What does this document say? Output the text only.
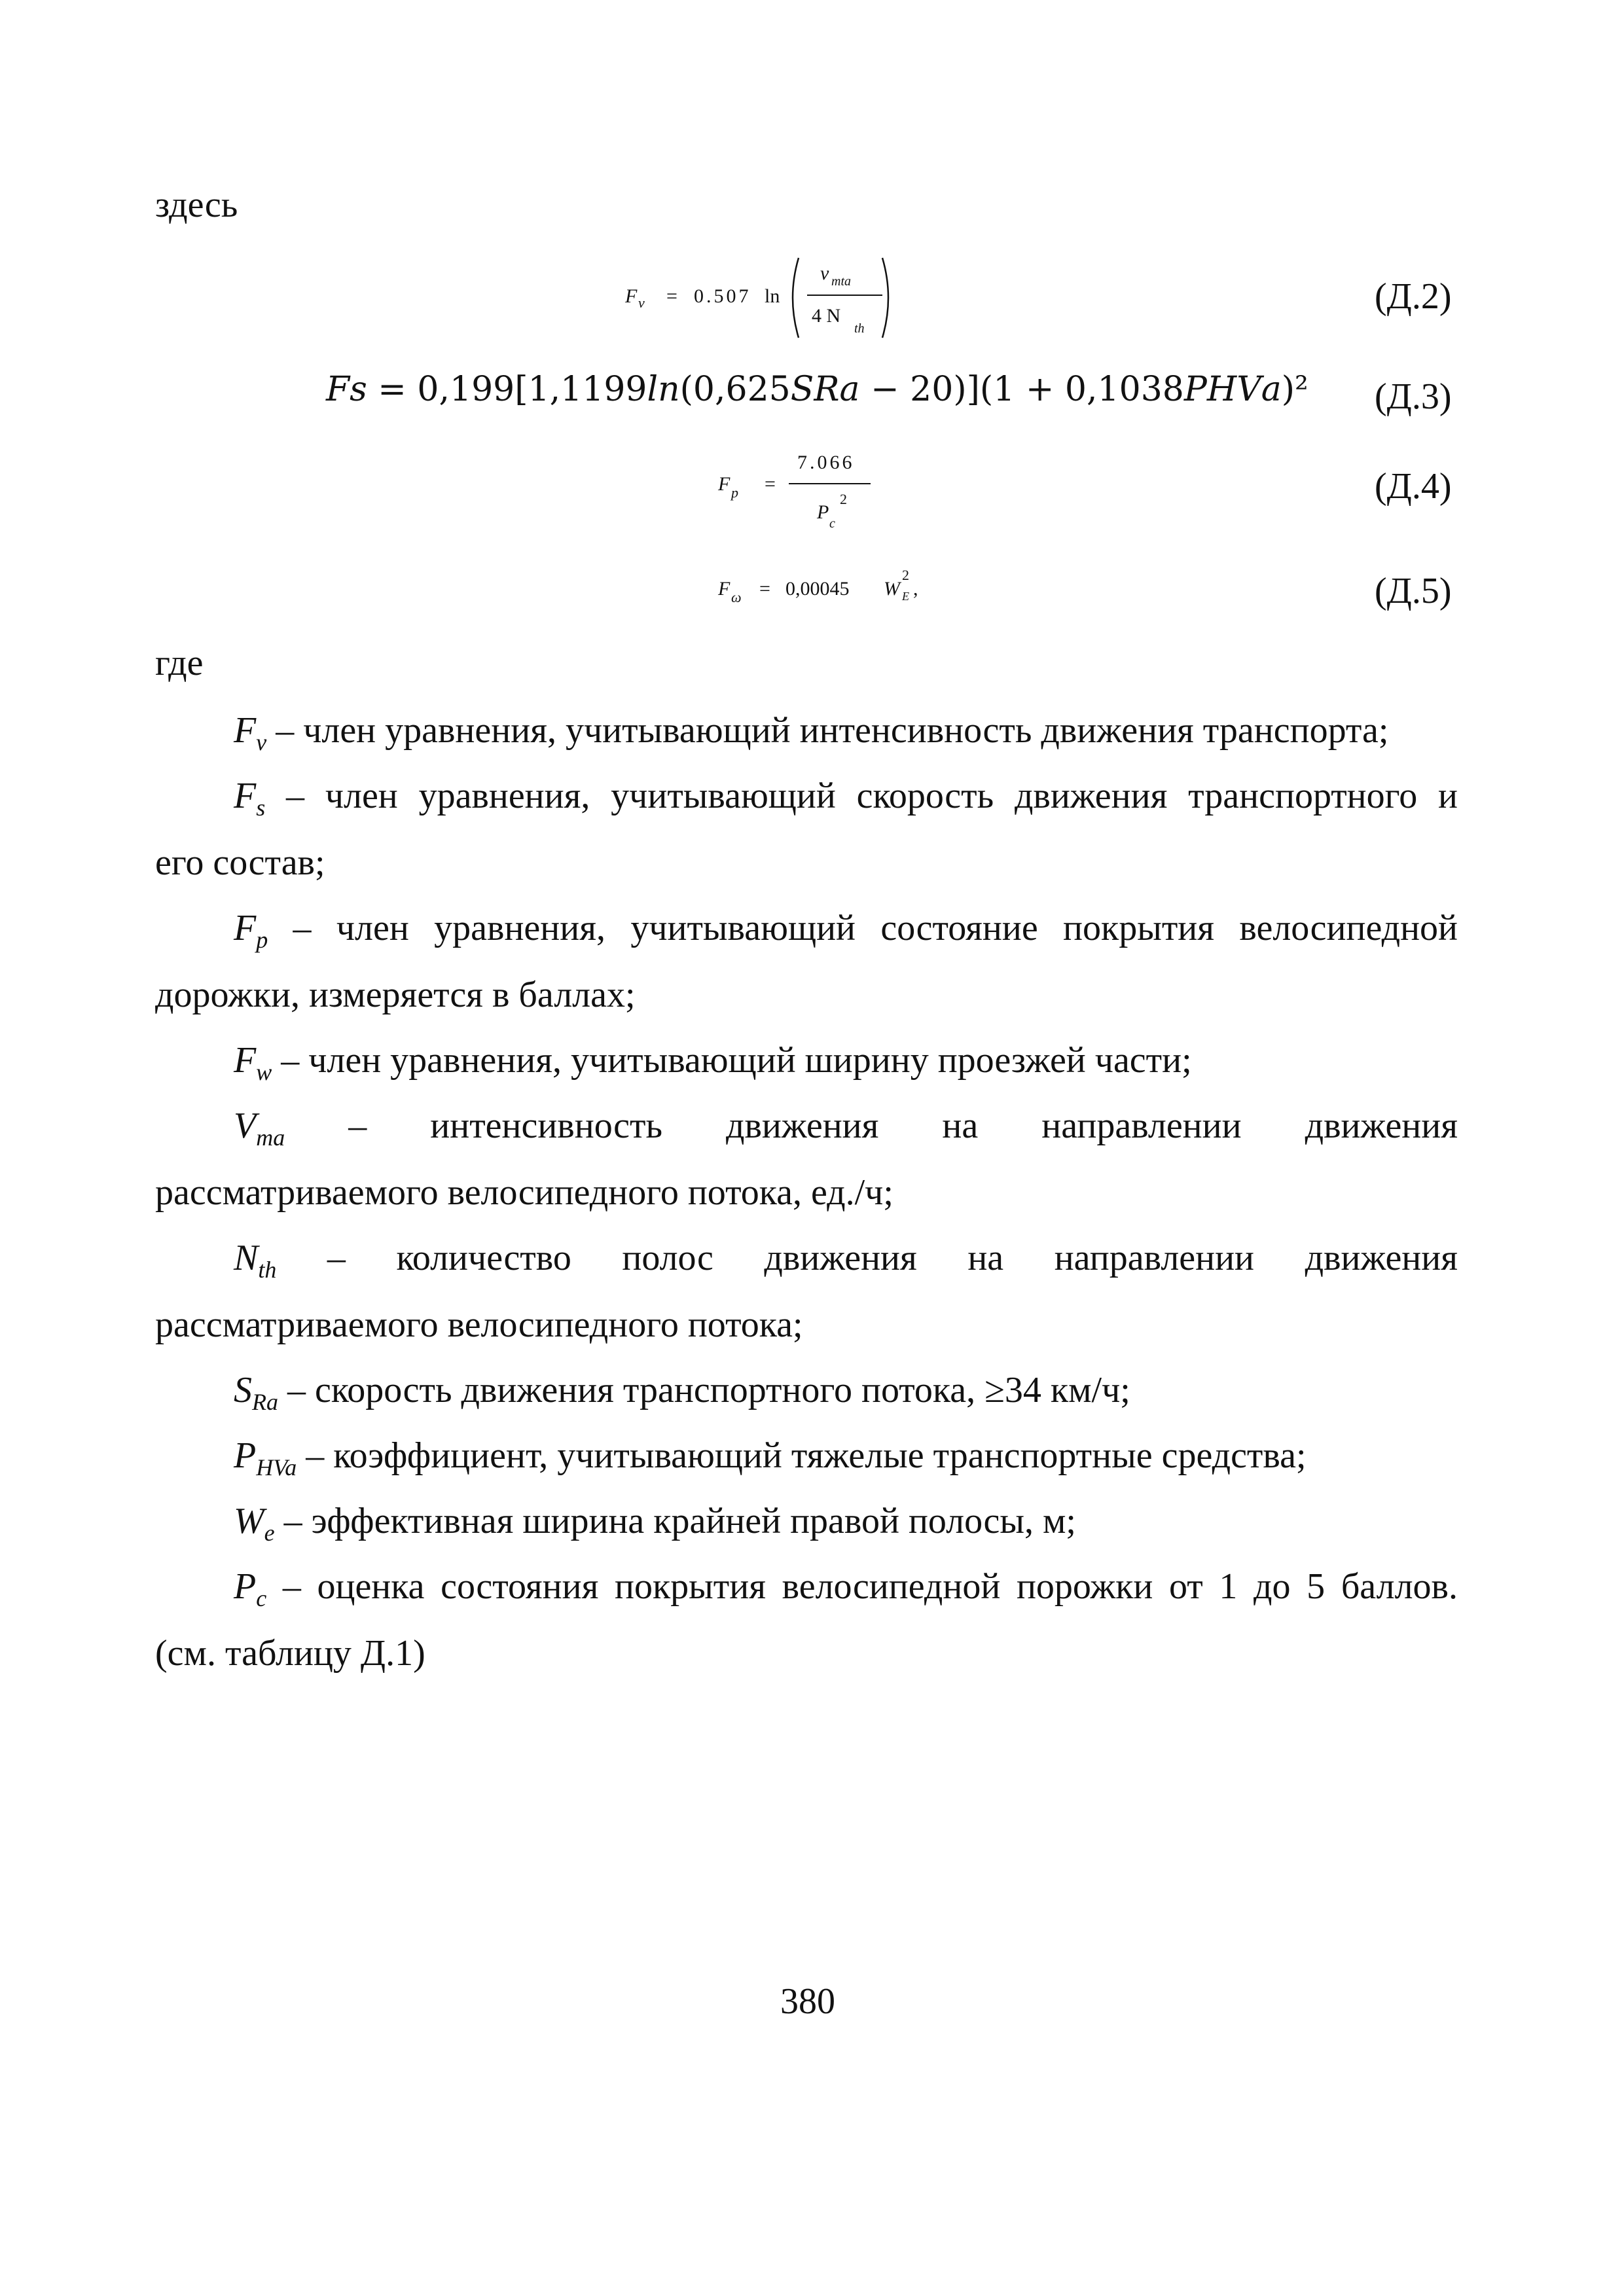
здесь
F v = 0.507 ln
v mta
4 N
th
(Д.2)
𝐹𝑠 = 0,199[1,1199𝑙𝑛(0,625𝑆𝑅𝑎 − 20)](1 + 0,1038𝑃𝐻𝑉𝑎)² (Д.3)
F p =
7.066
P
c
2	(Д.4)
F ω = 0,00045 W E
2
,	(Д.5)
где
$F_v$ – член уравнения, учитывающий интенсивность движения транспорта;
$F_s$ – член уравнения, учитывающий скорость движения транспортного и
его состав;
$F_p$ – член уравнения, учитывающий состояние покрытия велосипедной
дорожки, измеряется в баллах;
$F_w$ – член уравнения, учитывающий ширину проезжей части;
$V_{ma}$ – интенсивность движения на направлении движения
рассматриваемого велосипедного потока, ед./ч;
$N_{th}$ – количество полос движения на направлении движения
рассматриваемого велосипедного потока;
$S_{Ra}$ – скорость движения транспортного потока, ≥34 км/ч;
$P_{HVa}$ – коэффициент, учитывающий тяжелые транспортные средства;
$W_e$ – эффективная ширина крайней правой полосы, м;
$P_c$ – оценка состояния покрытия велосипедной порожки от 1 до 5 баллов.
(см. таблицу Д.1)
380
